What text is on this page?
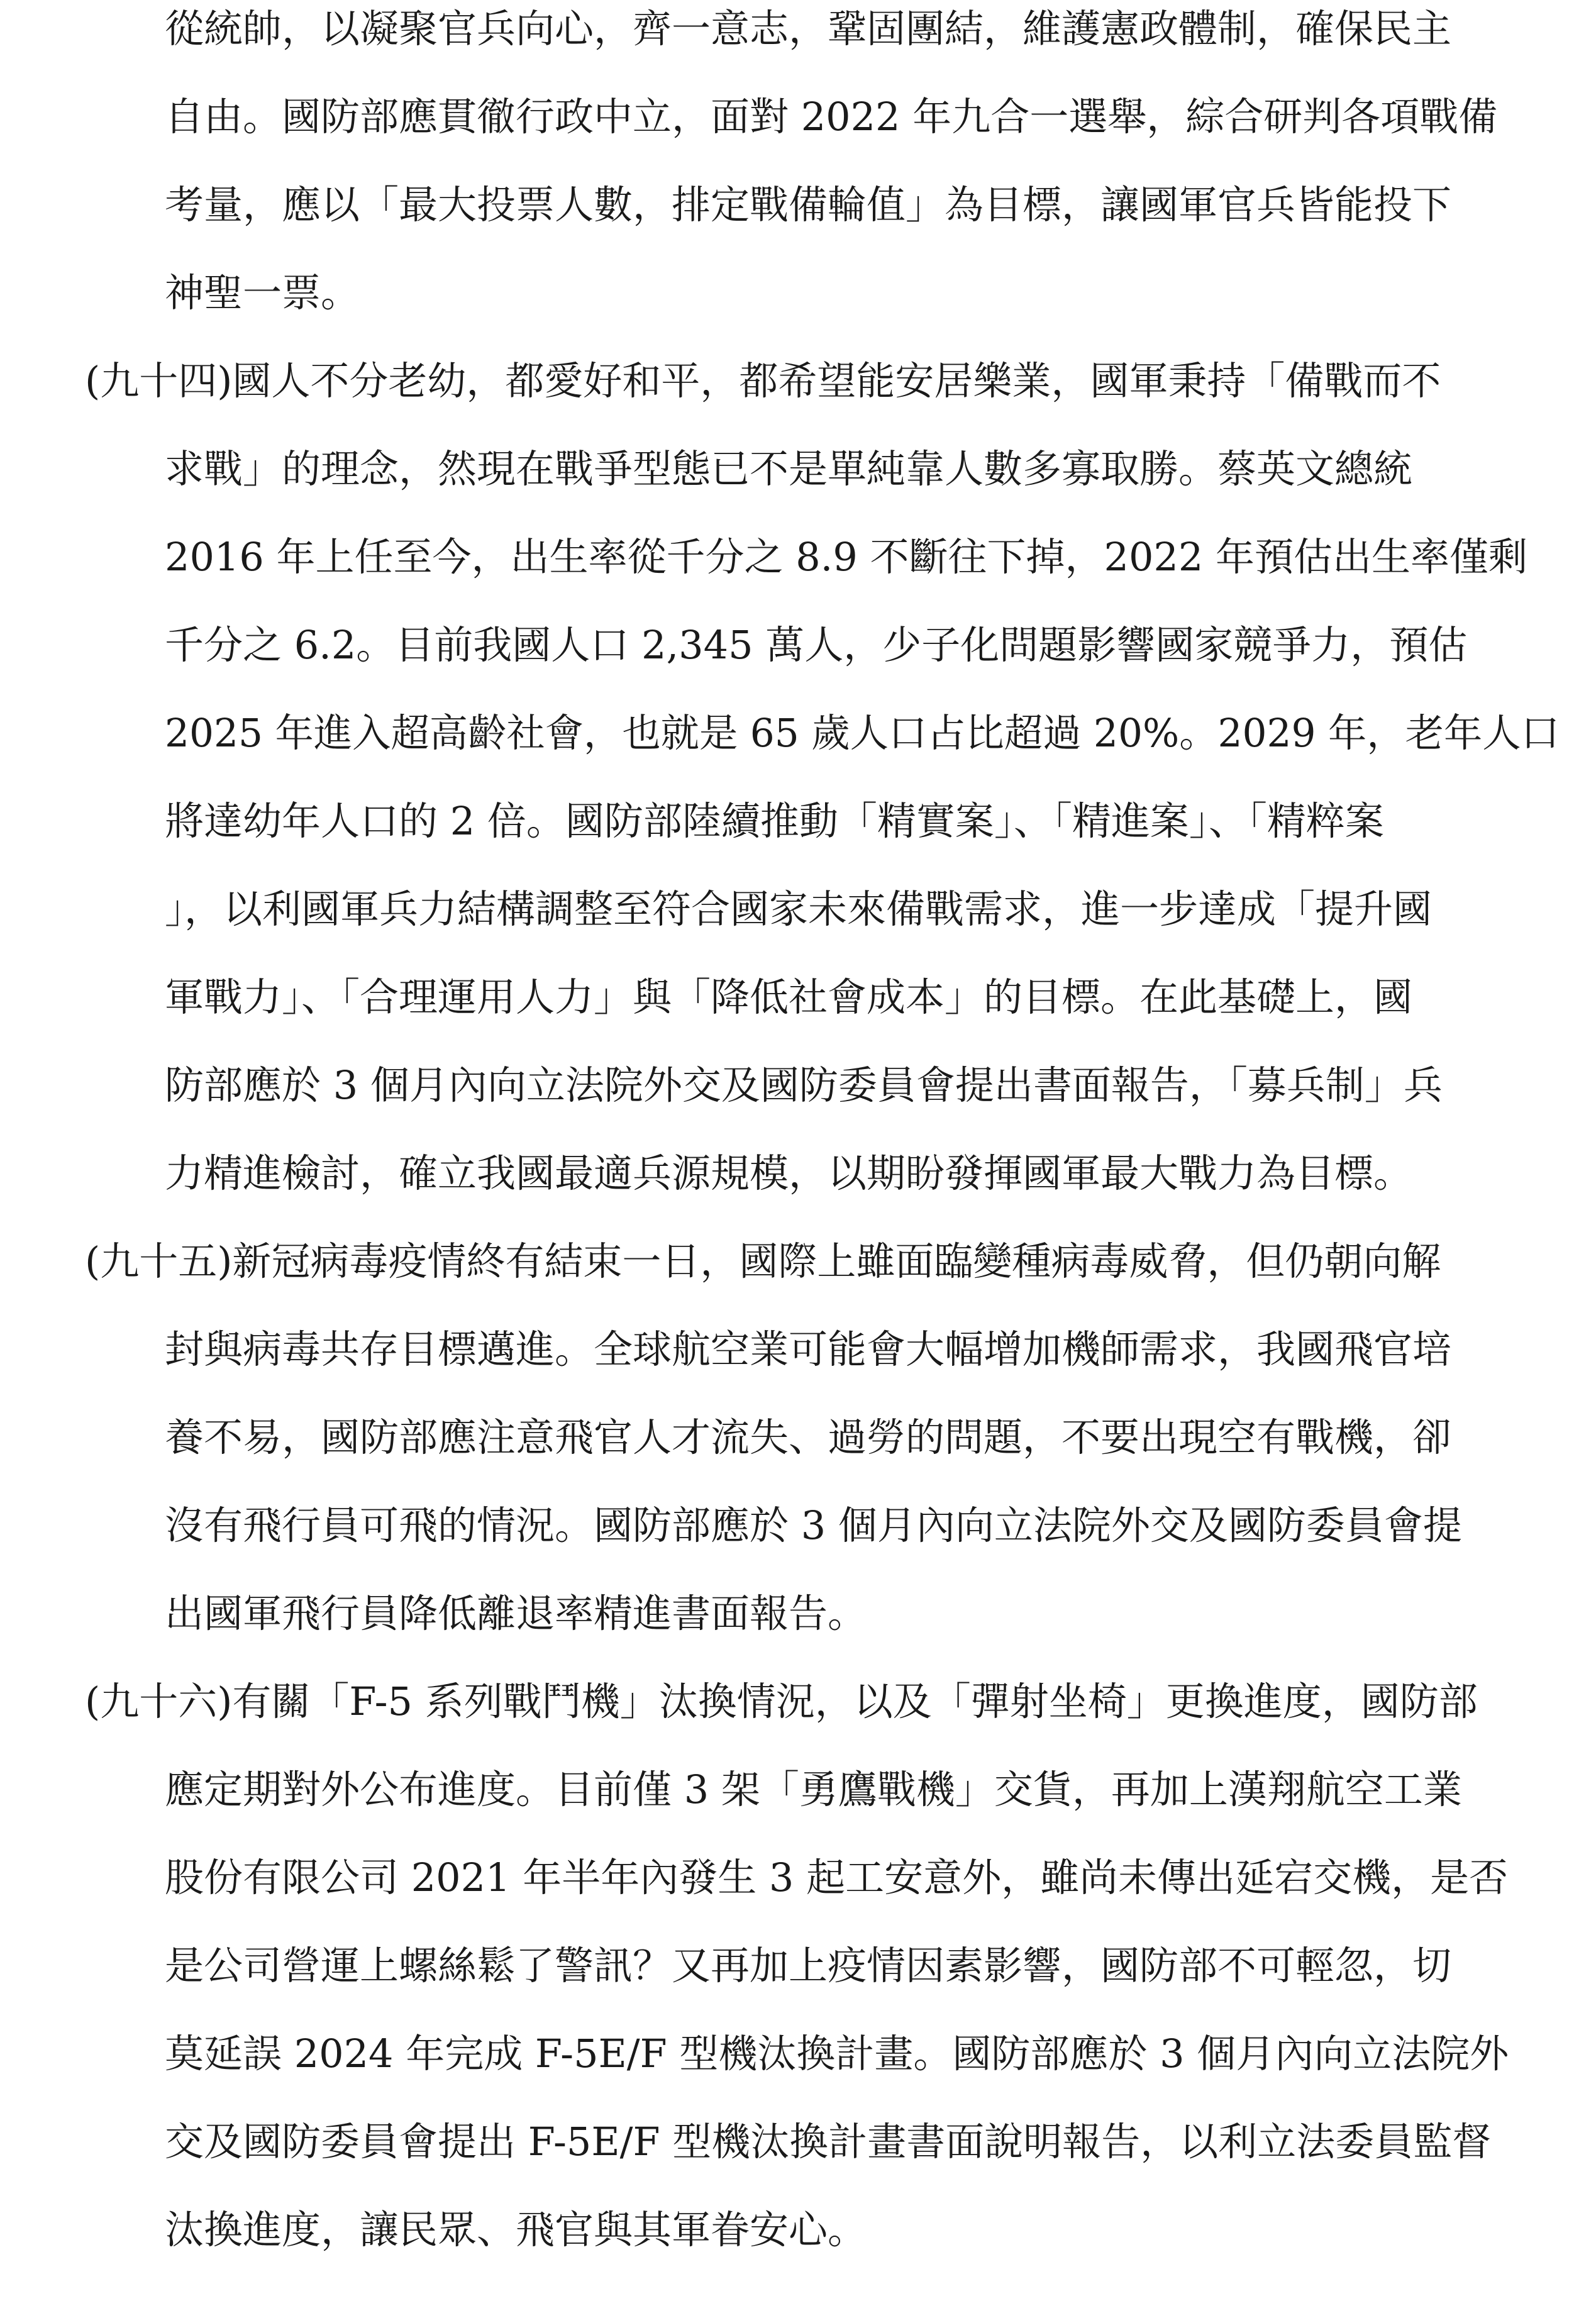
從統帥，以凝聚官兵向心，齊一意志，鞏固團結，維護憲政體制，確保民主
自由。國防部應貫徹行政中立，面對 2022 年九合一選舉，綜合研判各項戰備
考量，應以「最大投票人數，排定戰備輪值」為目標，讓國軍官兵皆能投下
神聖一票。
(九十四)國人不分老幼，都愛好和平，都希望能安居樂業，國軍秉持「備戰而不
求戰」的理念，然現在戰爭型態已不是單純靠人數多寡取勝。蔡英文總統
2016 年上任至今，出生率從千分之 8.9 不斷往下掉，2022 年預估出生率僅剩
千分之 6.2。目前我國人口 2,345 萬人，少子化問題影響國家競爭力，預估
2025 年進入超高齡社會，也就是 65 歲人口占比超過 20%。2029 年，老年人口
將達幼年人口的 2 倍。國防部陸續推動「精實案」、「精進案」、「精粹案
」，以利國軍兵力結構調整至符合國家未來備戰需求，進一步達成「提升國
軍戰力」、「合理運用人力」與「降低社會成本」的目標。在此基礎上，國
防部應於 3 個月內向立法院外交及國防委員會提出書面報告，「募兵制」兵
力精進檢討，確立我國最適兵源規模，以期盼發揮國軍最大戰力為目標。
(九十五)新冠病毒疫情終有結束一日，國際上雖面臨變種病毒威脅，但仍朝向解
封與病毒共存目標邁進。全球航空業可能會大幅增加機師需求，我國飛官培
養不易，國防部應注意飛官人才流失、過勞的問題，不要出現空有戰機，卻
沒有飛行員可飛的情況。國防部應於 3 個月內向立法院外交及國防委員會提
出國軍飛行員降低離退率精進書面報告。
(九十六)有關「F-5 系列戰鬥機」汰換情況，以及「彈射坐椅」更換進度，國防部
應定期對外公布進度。目前僅 3 架「勇鷹戰機」交貨，再加上漢翔航空工業
股份有限公司 2021 年半年內發生 3 起工安意外，雖尚未傳出延宕交機，是否
是公司營運上螺絲鬆了警訊？又再加上疫情因素影響，國防部不可輕忽，切
莫延誤 2024 年完成 F-5E/F 型機汰換計畫。國防部應於 3 個月內向立法院外
交及國防委員會提出 F-5E/F 型機汰換計畫書面說明報告，以利立法委員監督
汰換進度，讓民眾、飛官與其軍眷安心。
